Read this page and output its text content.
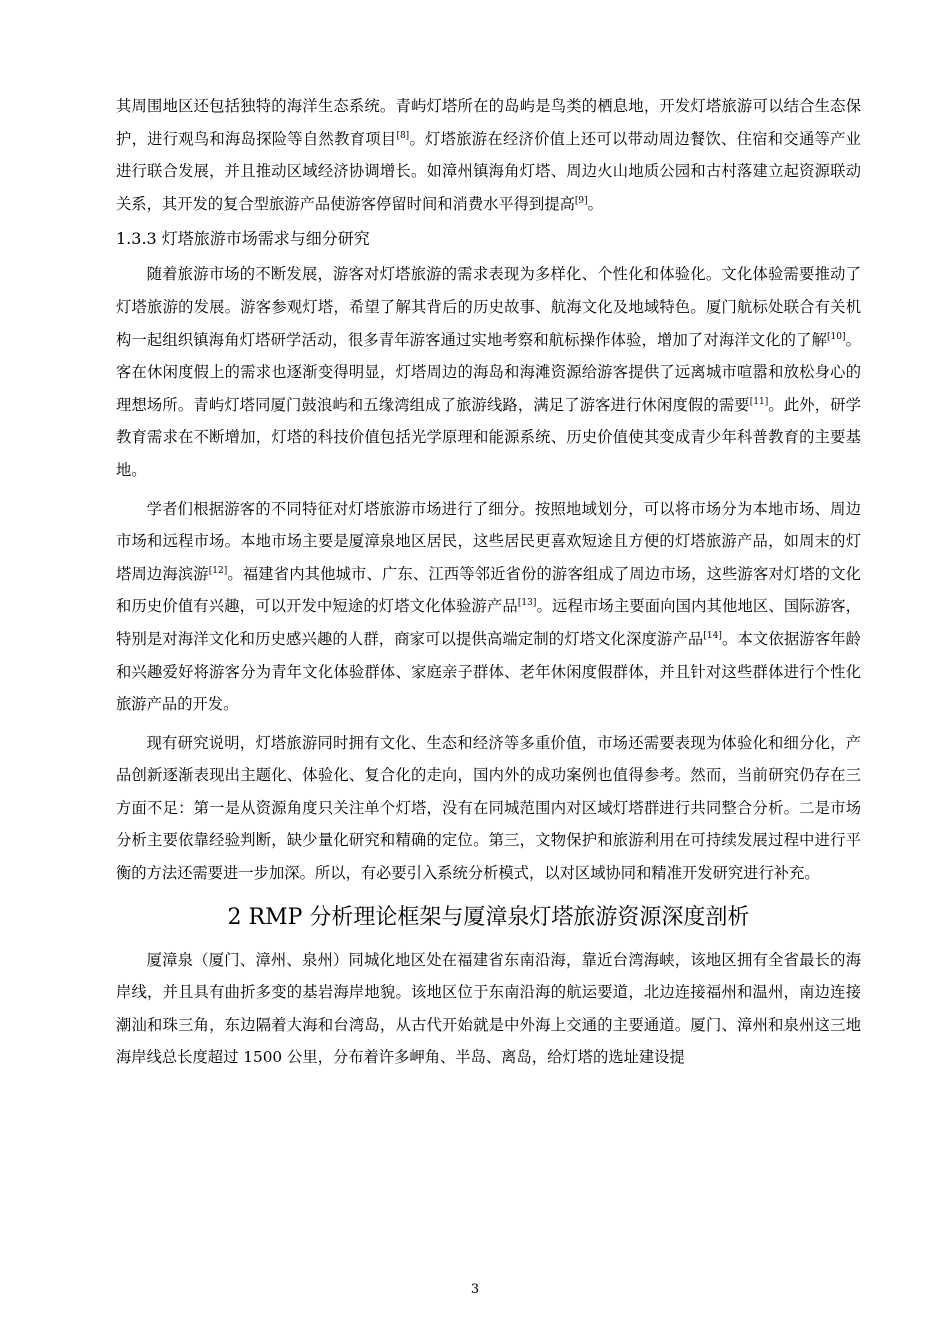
其周围地区还包括独特的海洋生态系统。青屿灯塔所在的岛屿是鸟类的栖息地，开发灯塔旅游可以结合生态保护，进行观鸟和海岛探险等自然教育项目[8]。灯塔旅游在经济价值上还可以带动周边餐饮、住宿和交通等产业进行联合发展，并且推动区域经济协调增长。如漳州镇海角灯塔、周边火山地质公园和古村落建立起资源联动关系，其开发的复合型旅游产品使游客停留时间和消费水平得到提高[9]。

1.3.3 灯塔旅游市场需求与细分研究

随着旅游市场的不断发展，游客对灯塔旅游的需求表现为多样化、个性化和体验化。文化体验需要推动了灯塔旅游的发展。游客参观灯塔，希望了解其背后的历史故事、航海文化及地域特色。厦门航标处联合有关机构一起组织镇海角灯塔研学活动，很多青年游客通过实地考察和航标操作体验，增加了对海洋文化的了解[10]。客在休闲度假上的需求也逐渐变得明显，灯塔周边的海岛和海滩资源给游客提供了远离城市喧嚣和放松身心的理想场所。青屿灯塔同厦门鼓浪屿和五缘湾组成了旅游线路，满足了游客进行休闲度假的需要[11]。此外，研学教育需求在不断增加，灯塔的科技价值包括光学原理和能源系统、历史价值使其变成青少年科普教育的主要基地。

学者们根据游客的不同特征对灯塔旅游市场进行了细分。按照地域划分，可以将市场分为本地市场、周边市场和远程市场。本地市场主要是厦漳泉地区居民，这些居民更喜欢短途且方便的灯塔旅游产品，如周末的灯塔周边海滨游[12]。福建省内其他城市、广东、江西等邻近省份的游客组成了周边市场，这些游客对灯塔的文化和历史价值有兴趣，可以开发中短途的灯塔文化体验游产品[13]。远程市场主要面向国内其他地区、国际游客，特别是对海洋文化和历史感兴趣的人群，商家可以提供高端定制的灯塔文化深度游产品[14]。本文依据游客年龄和兴趣爱好将游客分为青年文化体验群体、家庭亲子群体、老年休闲度假群体，并且针对这些群体进行个性化旅游产品的开发。

现有研究说明，灯塔旅游同时拥有文化、生态和经济等多重价值，市场还需要表现为体验化和细分化，产品创新逐渐表现出主题化、体验化、复合化的走向，国内外的成功案例也值得参考。然而，当前研究仍存在三方面不足：第一是从资源角度只关注单个灯塔，没有在同城范围内对区域灯塔群进行共同整合分析。二是市场分析主要依靠经验判断，缺少量化研究和精确的定位。第三，文物保护和旅游利用在可持续发展过程中进行平衡的方法还需要进一步加深。所以，有必要引入系统分析模式，以对区域协同和精准开发研究进行补充。

2 RMP 分析理论框架与厦漳泉灯塔旅游资源深度剖析

厦漳泉（厦门、漳州、泉州）同城化地区处在福建省东南沿海，靠近台湾海峡，该地区拥有全省最长的海岸线，并且具有曲折多变的基岩海岸地貌。该地区位于东南沿海的航运要道，北边连接福州和温州，南边连接潮汕和珠三角，东边隔着大海和台湾岛，从古代开始就是中外海上交通的主要通道。厦门、漳州和泉州这三地海岸线总长度超过 1500 公里，分布着许多岬角、半岛、离岛，给灯塔的选址建设提

3
